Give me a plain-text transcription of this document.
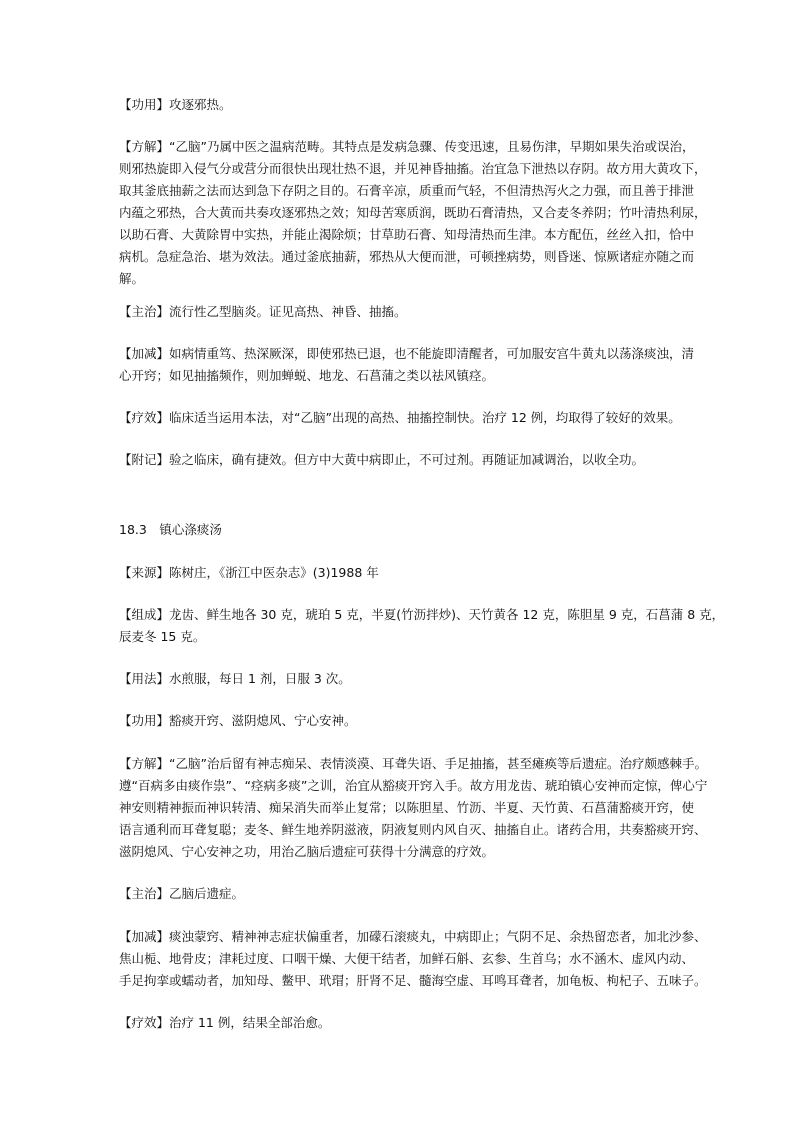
【功用】攻逐邪热。
【方解】“乙脑”乃属中医之温病范畴。其特点是发病急骤、传变迅速，且易伤津，早期如果失治或误治，
则邪热旋即入侵气分或营分而很快出现壮热不退，并见神昏抽搐。治宜急下泄热以存阴。故方用大黄攻下，
取其釜底抽薪之法而达到急下存阴之目的。石膏辛凉，质重而气轻，不但清热泻火之力强，而且善于排泄
内蕴之邪热，合大黄而共奏攻逐邪热之效；知母苦寒质润，既助石膏清热，又合麦冬养阴；竹叶清热利尿，
以助石膏、大黄除胃中实热，并能止渴除烦；甘草助石膏、知母清热而生津。本方配伍，丝丝入扣，恰中
病机。急症急治、堪为效法。通过釜底抽薪，邪热从大便而泄，可顿挫病势，则昏迷、惊厥诸症亦随之而
解。
【主治】流行性乙型脑炎。证见高热、神昏、抽搐。
【加减】如病情重笃、热深厥深，即使邪热已退，也不能旋即清醒者，可加服安宫牛黄丸以荡涤痰浊，清
心开窍；如见抽搐频作，则加蝉蜕、地龙、石菖蒲之类以祛风镇痉。
【疗效】临床适当运用本法，对“乙脑”出现的高热、抽搐控制快。治疗 12 例，均取得了较好的效果。
【附记】验之临床，确有捷效。但方中大黄中病即止，不可过剂。再随证加减调治，以收全功。
18.3　镇心涤痰汤
【来源】陈树庄，《浙江中医杂志》(3)1988 年
【组成】龙齿、鲜生地各 30 克，琥珀 5 克，半夏(竹沥拌炒)、天竹黄各 12 克，陈胆星 9 克，石菖蒲 8 克，
辰麦冬 15 克。
【用法】水煎服，每日 1 剂，日服 3 次。
【功用】豁痰开窍、滋阴熄风、宁心安神。
【方解】“乙脑”治后留有神志痴呆、表情淡漠、耳聋失语、手足抽搐，甚至瘫痪等后遗症。治疗颇感棘手。
遵“百病多由痰作祟”、“痉病多痰”之训，治宜从豁痰开窍入手。故方用龙齿、琥珀镇心安神而定惊，俾心宁
神安则精神振而神识转清、痴呆消失而举止复常；以陈胆星、竹沥、半夏、天竹黄、石菖蒲豁痰开窍，使
语言通利而耳聋复聪；麦冬、鲜生地养阴滋液，阴液复则内风自灭、抽搐自止。诸药合用，共奏豁痰开窍、
滋阴熄风、宁心安神之功，用治乙脑后遗症可获得十分满意的疗效。
【主治】乙脑后遗症。
【加减】痰浊蒙窍、精神神志症状偏重者，加礞石滚痰丸，中病即止；气阴不足、余热留恋者，加北沙参、
焦山栀、地骨皮；津耗过度、口咽干燥、大便干结者，加鲜石斛、玄参、生首乌；水不涵木、虚风内动、
手足拘挛或蠕动者，加知母、鳖甲、玳瑁；肝肾不足、髓海空虚、耳鸣耳聋者，加龟板、枸杞子、五味子。
【疗效】治疗 11 例，结果全部治愈。
